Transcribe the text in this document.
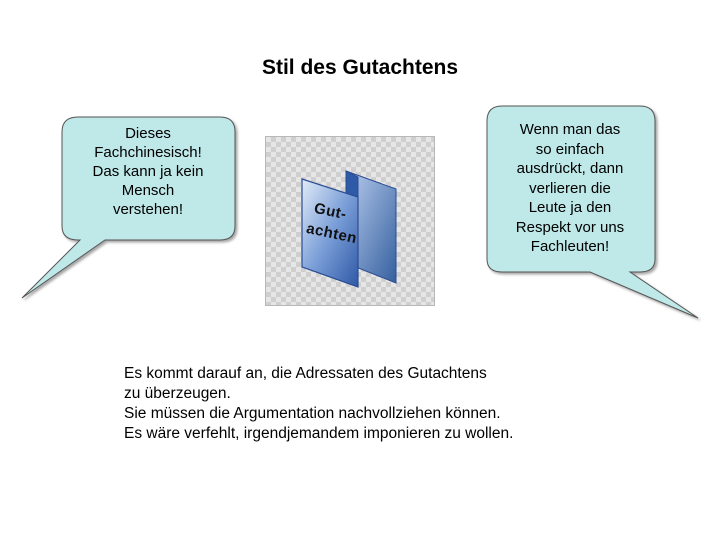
Stil des Gutachtens
Gut-
achten
Dieses
Fachchinesisch!
Das kann ja kein
Mensch
verstehen!
Wenn man das
so einfach
ausdrückt, dann
verlieren die
Leute ja den
Respekt vor uns
Fachleuten!
Es kommt darauf an, die Adressaten des Gutachtens
zu überzeugen.
Sie müssen die Argumentation nachvollziehen können.
Es wäre verfehlt, irgendjemandem imponieren zu wollen.
